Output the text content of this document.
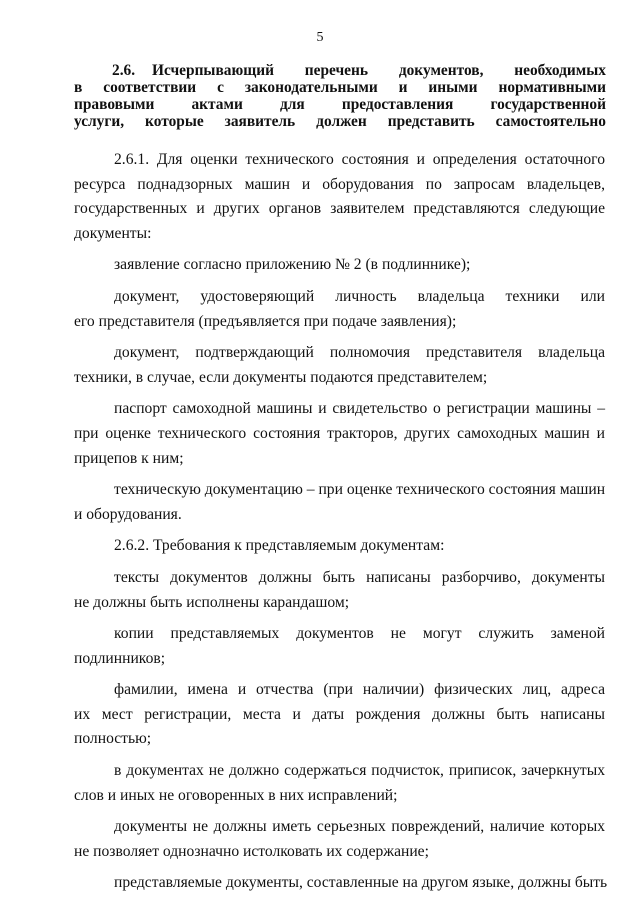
5
2.6.	Исчерпывающий перечень документов, необходимых
в соответствии с законодательными и иными нормативными
правовыми актами для предоставления государственной
услуги, которые заявитель должен представить самостоятельно

2.6.1. Для оценки технического состояния и определения остаточного
ресурса поднадзорных машин и оборудования по запросам владельцев,
государственных и других органов заявителем представляются следующие
документы:

заявление согласно приложению № 2 (в подлиннике);

документ, удостоверяющий личность владельца техники или
его представителя (предъявляется при подаче заявления);

документ, подтверждающий полномочия представителя владельца
техники, в случае, если документы подаются представителем;

паспорт самоходной машины и свидетельство о регистрации машины –
при оценке технического состояния тракторов, других самоходных машин и
прицепов к ним;

техническую документацию – при оценке технического состояния машин
и оборудования.

2.6.2. Требования к представляемым документам:

тексты документов должны быть написаны разборчиво, документы
не должны быть исполнены карандашом;

копии представляемых документов не могут служить заменой
подлинников;

фамилии, имена и отчества (при наличии) физических лиц, адреса
их мест регистрации, места и даты рождения должны быть написаны
полностью;

в документах не должно содержаться подчисток, приписок, зачеркнутых
слов и иных не оговоренных в них исправлений;

документы не должны иметь серьезных повреждений, наличие которых
не позволяет однозначно истолковать их содержание;

представляемые документы, составленные на другом языке, должны быть
